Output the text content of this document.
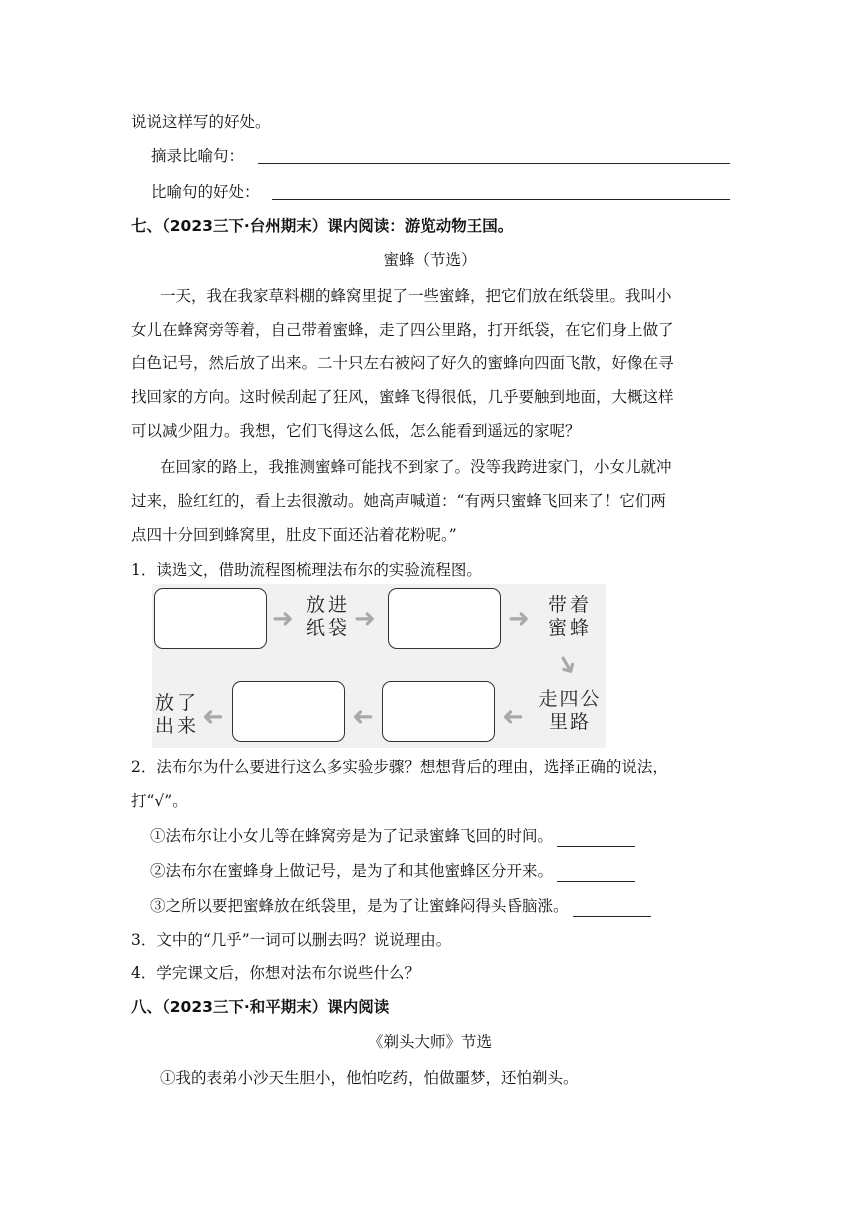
说说这样写的好处。
摘录比喻句：
比喻句的好处：
七、（2023三下·台州期末）课内阅读：游览动物王国。
蜜蜂（节选）
一天，我在我家草料棚的蜂窝里捉了一些蜜蜂，把它们放在纸袋里。我叫小
女儿在蜂窝旁等着，自己带着蜜蜂，走了四公里路，打开纸袋，在它们身上做了
白色记号，然后放了出来。二十只左右被闷了好久的蜜蜂向四面飞散，好像在寻
找回家的方向。这时候刮起了狂风，蜜蜂飞得很低，几乎要触到地面，大概这样
可以减少阻力。我想，它们飞得这么低，怎么能看到遥远的家呢？
在回家的路上，我推测蜜蜂可能找不到家了。没等我跨进家门，小女儿就冲
过来，脸红红的，看上去很激动。她高声喊道：“有两只蜜蜂飞回来了！它们两
点四十分回到蜂窝里，肚皮下面还沾着花粉呢。”
1．读选文，借助流程图梳理法布尔的实验流程图。
➜ 放进
纸袋 ➜	➜ 带着
蜜蜂
➜
走四公
里路
➜
➜
➜
放了
出来
2．法布尔为什么要进行这么多实验步骤？想想背后的理由，选择正确的说法，
打“√”。
①法布尔让小女儿等在蜂窝旁是为了记录蜜蜂飞回的时间。
②法布尔在蜜蜂身上做记号，是为了和其他蜜蜂区分开来。
③之所以要把蜜蜂放在纸袋里，是为了让蜜蜂闷得头昏脑涨。
3．文中的“几乎”一词可以删去吗？说说理由。
4．学完课文后，你想对法布尔说些什么？
八、（2023三下·和平期末）课内阅读
《剃头大师》节选
①我的表弟小沙天生胆小，他怕吃药，怕做噩梦，还怕剃头。
